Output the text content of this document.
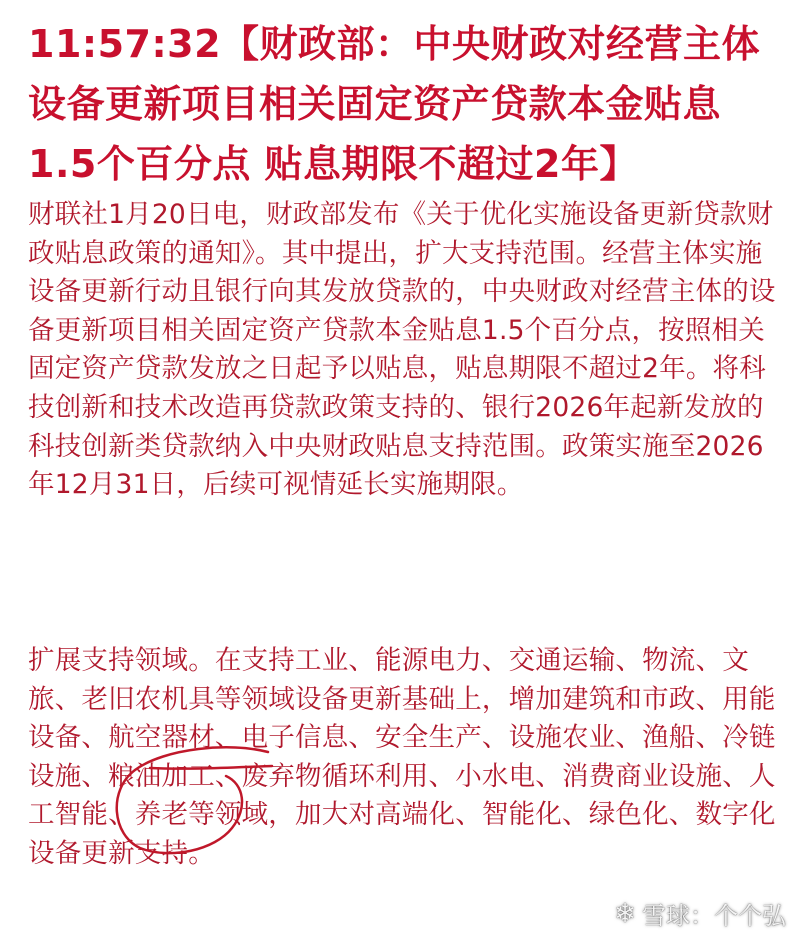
11:57:32【财政部：中央财政对经营主体设备更新项目相关固定资产贷款本金贴息1.5个百分点 贴息期限不超过2年】

财联社1月20日电，财政部发布《关于优化实施设备更新贷款财政贴息政策的通知》。其中提出，扩大支持范围。经营主体实施设备更新行动且银行向其发放贷款的，中央财政对经营主体的设备更新项目相关固定资产贷款本金贴息1.5个百分点，按照相关固定资产贷款发放之日起予以贴息，贴息期限不超过2年。将科技创新和技术改造再贷款政策支持的、银行2026年起新发放的科技创新类贷款纳入中央财政贴息支持范围。政策实施至2026年12月31日，后续可视情延长实施期限。

扩展支持领域。在支持工业、能源电力、交通运输、物流、文旅、老旧农机具等领域设备更新基础上，增加建筑和市政、用能设备、航空器材、电子信息、安全生产、设施农业、渔船、冷链设施、粮油加工、废弃物循环利用、小水电、消费商业设施、人工智能、养老等领域，加大对高端化、智能化、绿色化、数字化设备更新支持。

❄ 雪球：个个弘
